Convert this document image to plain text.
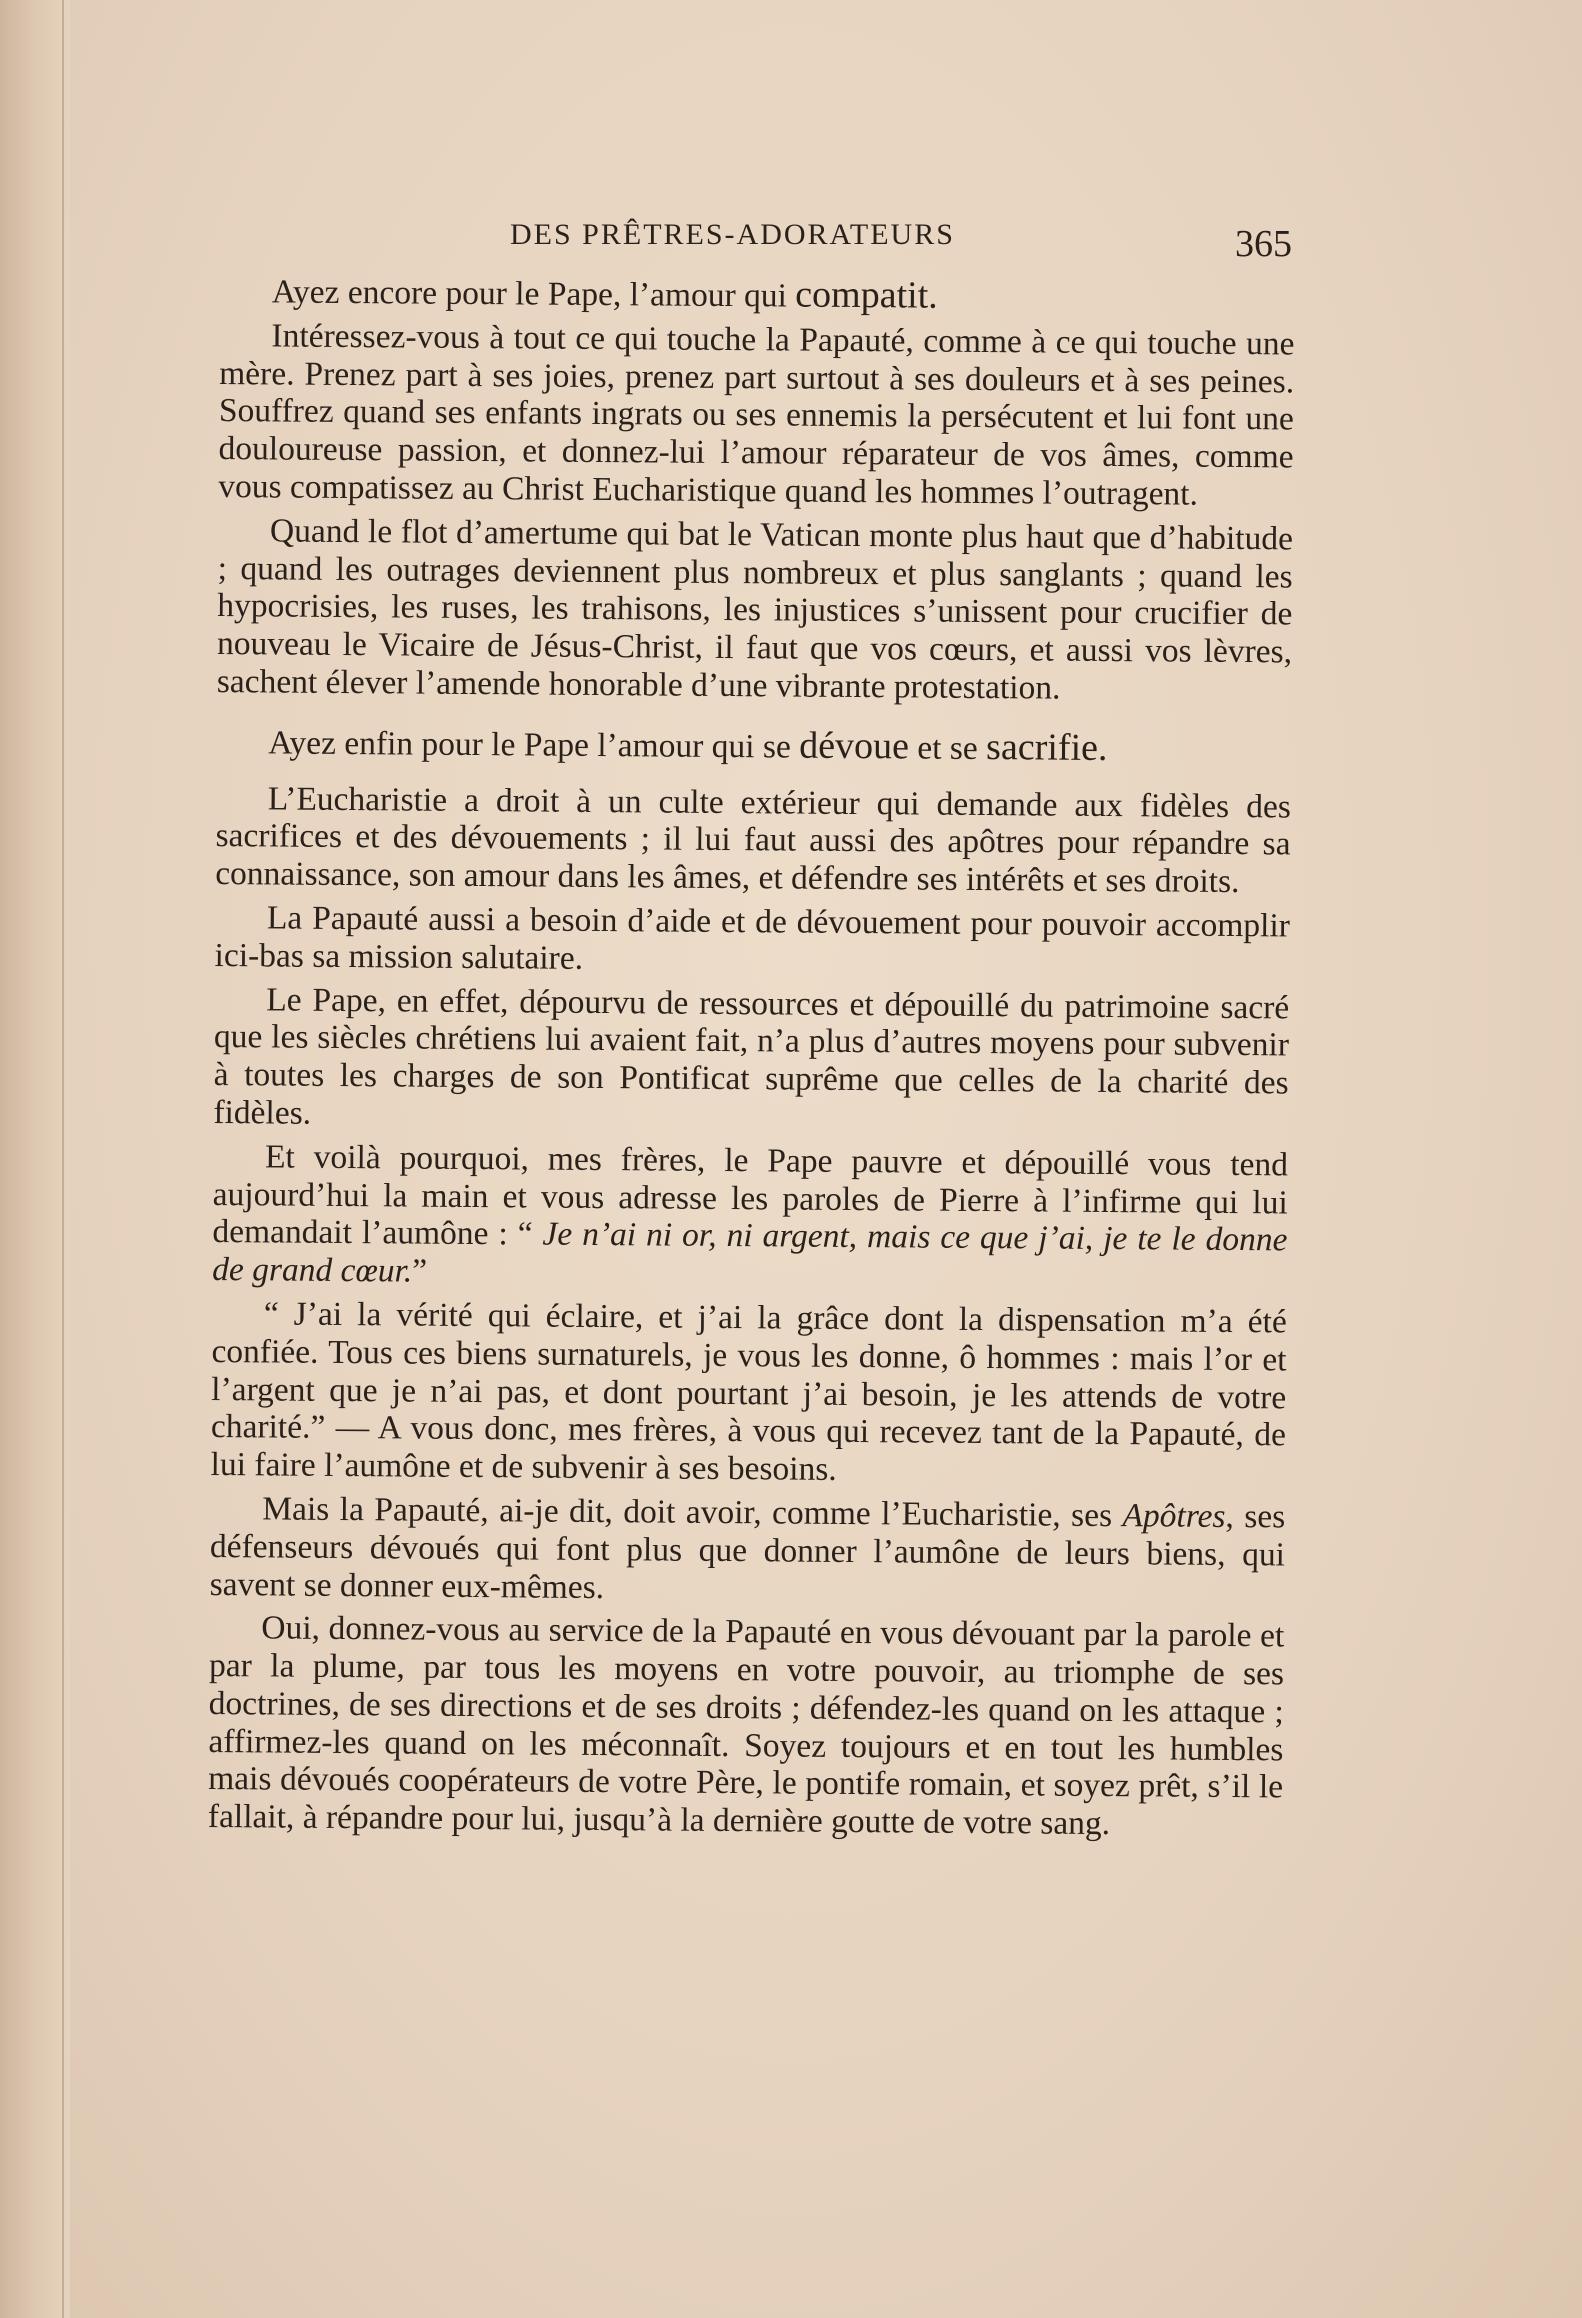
DES PRÊTRES-ADORATEURS	365

Ayez encore pour le Pape, l’amour qui compatit.

Intéressez-vous à tout ce qui touche la Papauté, comme à ce qui touche une mère. Prenez part à ses joies, prenez part surtout à ses douleurs et à ses peines. Souffrez quand ses enfants ingrats ou ses ennemis la persécutent et lui font une douloureuse passion, et donnez-lui l’amour réparateur de vos âmes, comme vous compatissez au Christ Eucharistique quand les hommes l’outragent.

Quand le flot d’amertume qui bat le Vatican monte plus haut que d’habitude ; quand les outrages deviennent plus nombreux et plus sanglants ; quand les hypocrisies, les ruses, les trahisons, les injustices s’unissent pour crucifier de nouveau le Vicaire de Jésus-Christ, il faut que vos cœurs, et aussi vos lèvres, sachent élever l’amende honorable d’une vibrante protestation.

Ayez enfin pour le Pape l’amour qui se dévoue et se sacrifie.

L’Eucharistie a droit à un culte extérieur qui demande aux fidèles des sacrifices et des dévouements ; il lui faut aussi des apôtres pour répandre sa connaissance, son amour dans les âmes, et défendre ses intérêts et ses droits.

La Papauté aussi a besoin d’aide et de dévouement pour pouvoir accomplir ici-bas sa mission salutaire.

Le Pape, en effet, dépourvu de ressources et dépouillé du patrimoine sacré que les siècles chrétiens lui avaient fait, n’a plus d’autres moyens pour subvenir à toutes les charges de son Pontificat suprême que celles de la charité des fidèles.

Et voilà pourquoi, mes frères, le Pape pauvre et dépouillé vous tend aujourd’hui la main et vous adresse les paroles de Pierre à l’infirme qui lui demandait l’aumône : “ Je n’ai ni or, ni argent, mais ce que j’ai, je te le donne de grand cœur.”

“ J’ai la vérité qui éclaire, et j’ai la grâce dont la dispensation m’a été confiée. Tous ces biens surnaturels, je vous les donne, ô hommes : mais l’or et l’argent que je n’ai pas, et dont pourtant j’ai besoin, je les attends de votre charité.” — A vous donc, mes frères, à vous qui recevez tant de la Papauté, de lui faire l’aumône et de subvenir à ses besoins.

Mais la Papauté, ai-je dit, doit avoir, comme l’Eucharistie, ses Apôtres, ses défenseurs dévoués qui font plus que donner l’aumône de leurs biens, qui savent se donner eux-mêmes.

Oui, donnez-vous au service de la Papauté en vous dévouant par la parole et par la plume, par tous les moyens en votre pouvoir, au triomphe de ses doctrines, de ses directions et de ses droits ; défendez-les quand on les attaque ; affirmez-les quand on les méconnaît. Soyez toujours et en tout les humbles mais dévoués coopérateurs de votre Père, le pontife romain, et soyez prêt, s’il le fallait, à répandre pour lui, jusqu’à la dernière goutte de votre sang.
